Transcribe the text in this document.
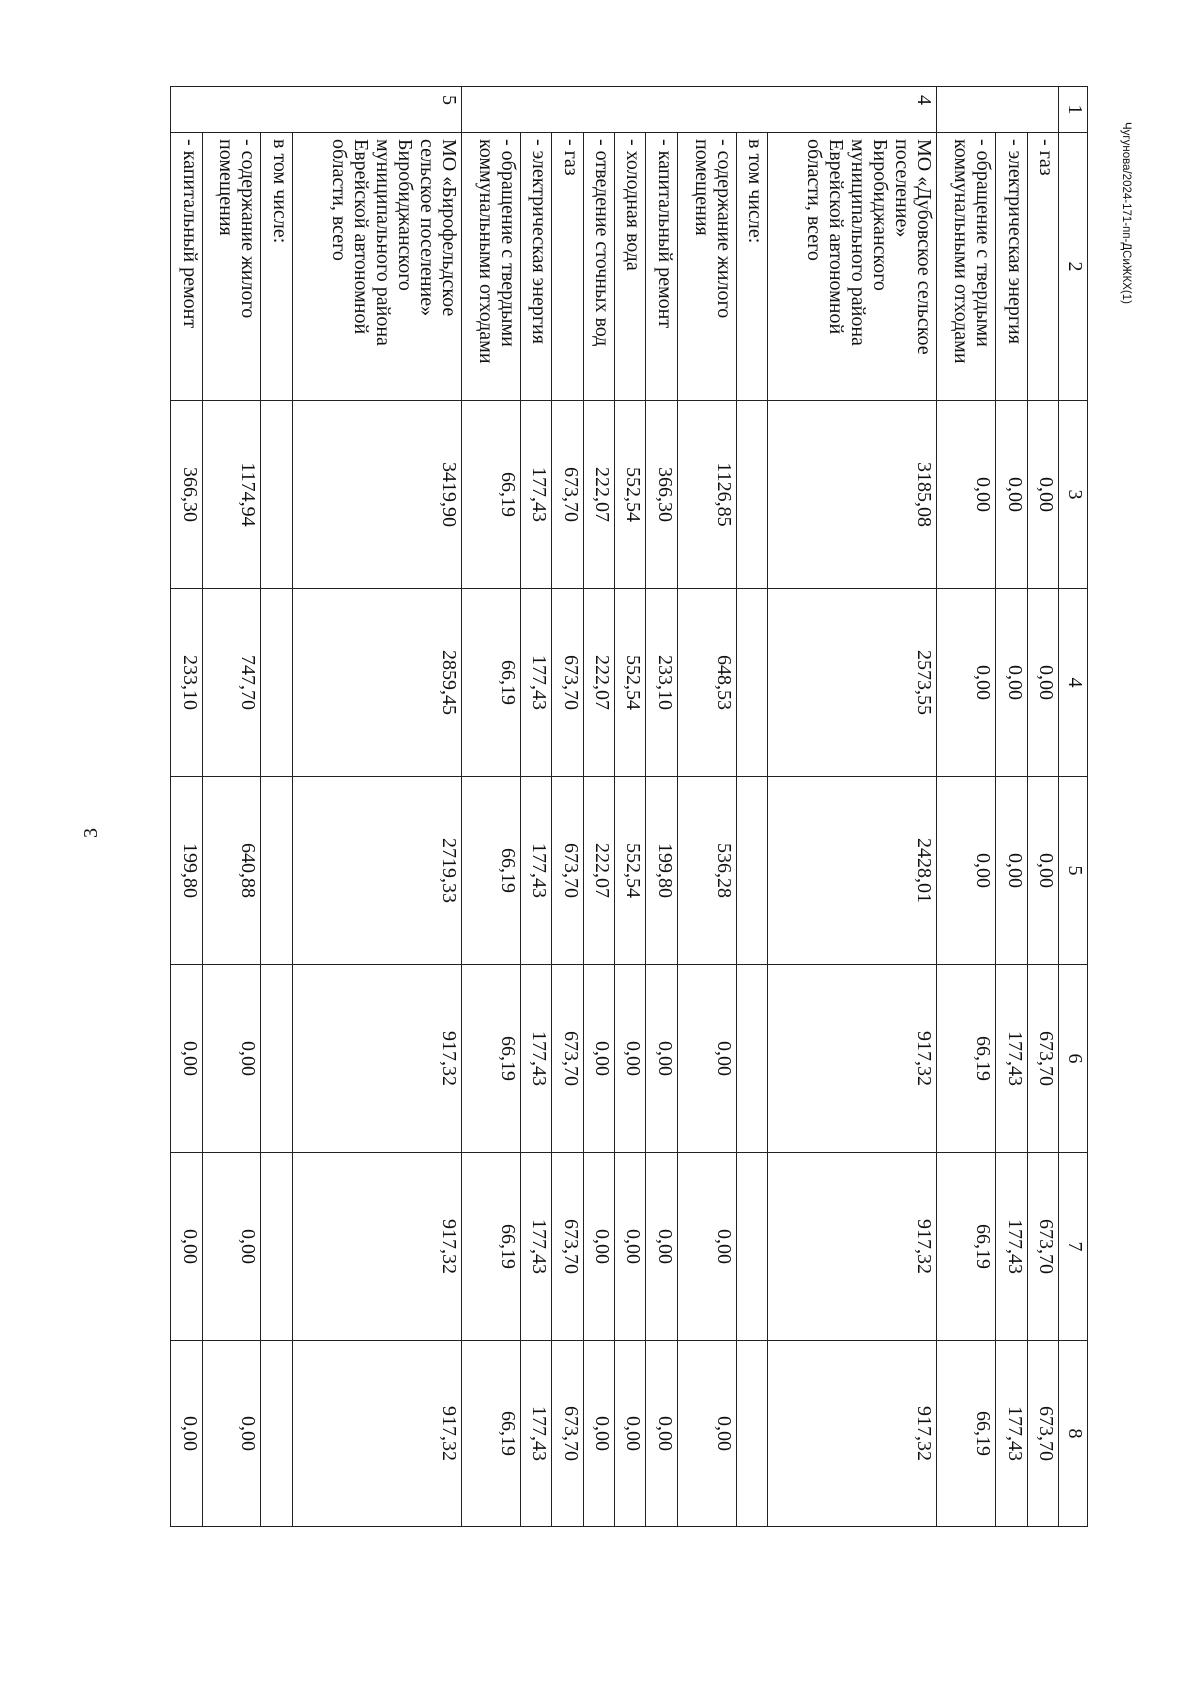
3
Чугунова/2024-171-пп-ДСиЖКХ(1)
1	2	3	4	5	6	7	8
	- газ	0,00	0,00	0,00	673,70	673,70	673,70
	- электрическая энергия	0,00	0,00	0,00	177,43	177,43	177,43
	- обращение с твердыми коммунальными отходами	0,00	0,00	0,00	66,19	66,19	66,19
4	МО «Дубовское сельское поселение» Биробиджанского муниципального района Еврейской автономной области, всего	3185,08	2573,55	2428,01	917,32	917,32	917,32
	в том числе:						
	- содержание жилого помещения	1126,85	648,53	536,28	0,00	0,00	0,00
	- капитальный ремонт	366,30	233,10	199,80	0,00	0,00	0,00
	- холодная вода	552,54	552,54	552,54	0,00	0,00	0,00
	- отведение сточных вод	222,07	222,07	222,07	0,00	0,00	0,00
	- газ	673,70	673,70	673,70	673,70	673,70	673,70
	- электрическая энергия	177,43	177,43	177,43	177,43	177,43	177,43
	- обращение с твердыми коммунальными отходами	66,19	66,19	66,19	66,19	66,19	66,19
5	МО «Бирофельдское сельское поселение» Биробиджанского муниципального района Еврейской автономной области, всего	3419,90	2859,45	2719,33	917,32	917,32	917,32
	в том числе:						
	- содержание жилого помещения	1174,94	747,70	640,88	0,00	0,00	0,00
	- капитальный ремонт	366,30	233,10	199,80	0,00	0,00	0,00
